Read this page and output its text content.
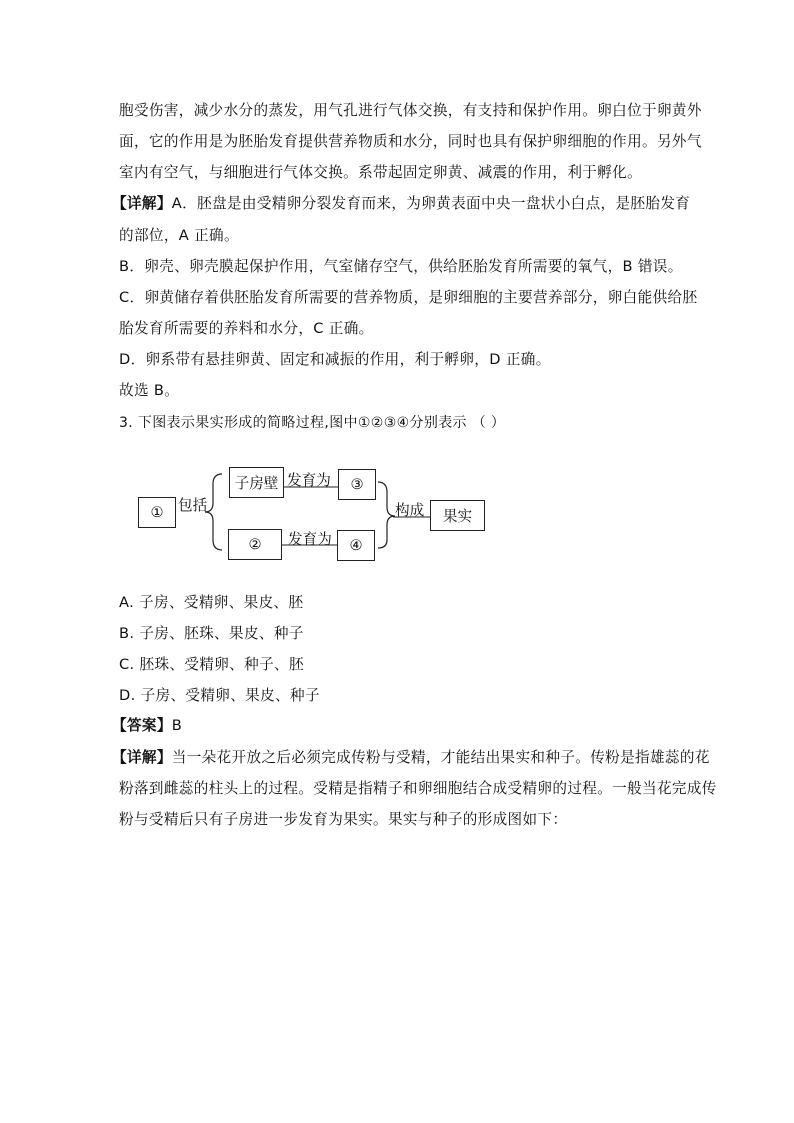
胞受伤害，减少水分的蒸发，用气孔进行气体交换，有支持和保护作用。卵白位于卵黄外
面，它的作用是为胚胎发育提供营养物质和水分，同时也具有保护卵细胞的作用。另外气
室内有空气，与细胞进行气体交换。系带起固定卵黄、减震的作用，利于孵化。
【详解】A．胚盘是由受精卵分裂发育而来，为卵黄表面中央一盘状小白点，是胚胎发育
的部位，A 正确。
B．卵壳、卵壳膜起保护作用，气室储存空气，供给胚胎发育所需要的氧气，B 错误。
C．卵黄储存着供胚胎发育所需要的营养物质，是卵细胞的主要营养部分，卵白能供给胚
胎发育所需要的养料和水分，C 正确。
D．卵系带有悬挂卵黄、固定和减振的作用，利于孵卵，D 正确。
故选 B。
3. 下图表示果实形成的简略过程,图中①②③④分别表示 （ ）
① 包括
子房壁 发育为	③
②	发育为	④
构成	果实
A. 子房、受精卵、果皮、胚
B. 子房、胚珠、果皮、种子
C. 胚珠、受精卵、种子、胚
D. 子房、受精卵、果皮、种子
【答案】B
【详解】当一朵花开放之后必须完成传粉与受精，才能结出果实和种子。传粉是指雄蕊的花
粉落到雌蕊的柱头上的过程。受精是指精子和卵细胞结合成受精卵的过程。一般当花完成传
粉与受精后只有子房进一步发育为果实。果实与种子的形成图如下：
